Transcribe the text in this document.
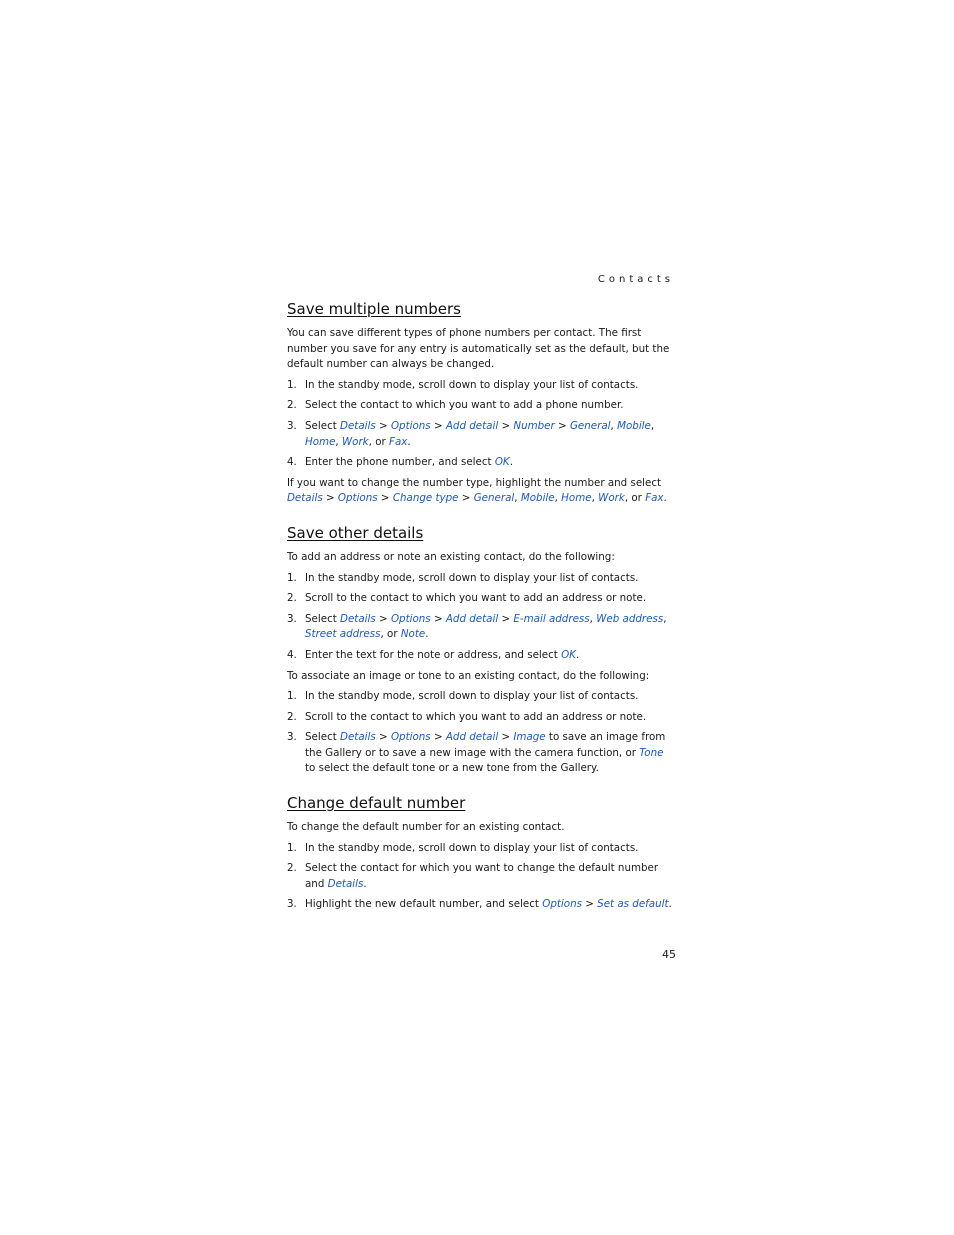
Contacts
Save multiple numbers

You can save different types of phone numbers per contact. The first number you save for any entry is automatically set as the default, but the default number can always be changed.

1. In the standby mode, scroll down to display your list of contacts.
2. Select the contact to which you want to add a phone number.
3. Select Details > Options > Add detail > Number > General, Mobile, Home, Work, or Fax.
4. Enter the phone number, and select OK.

If you want to change the number type, highlight the number and select Details > Options > Change type > General, Mobile, Home, Work, or Fax.

Save other details

To add an address or note an existing contact, do the following:

1. In the standby mode, scroll down to display your list of contacts.
2. Scroll to the contact to which you want to add an address or note.
3. Select Details > Options > Add detail > E-mail address, Web address, Street address, or Note.
4. Enter the text for the note or address, and select OK.

To associate an image or tone to an existing contact, do the following:

1. In the standby mode, scroll down to display your list of contacts.
2. Scroll to the contact to which you want to add an address or note.
3. Select Details > Options > Add detail > Image to save an image from the Gallery or to save a new image with the camera function, or Tone to select the default tone or a new tone from the Gallery.
Change default number

To change the default number for an existing contact.

1. In the standby mode, scroll down to display your list of contacts.
2. Select the contact for which you want to change the default number and Details.
3. Highlight the new default number, and select Options > Set as default.
45
